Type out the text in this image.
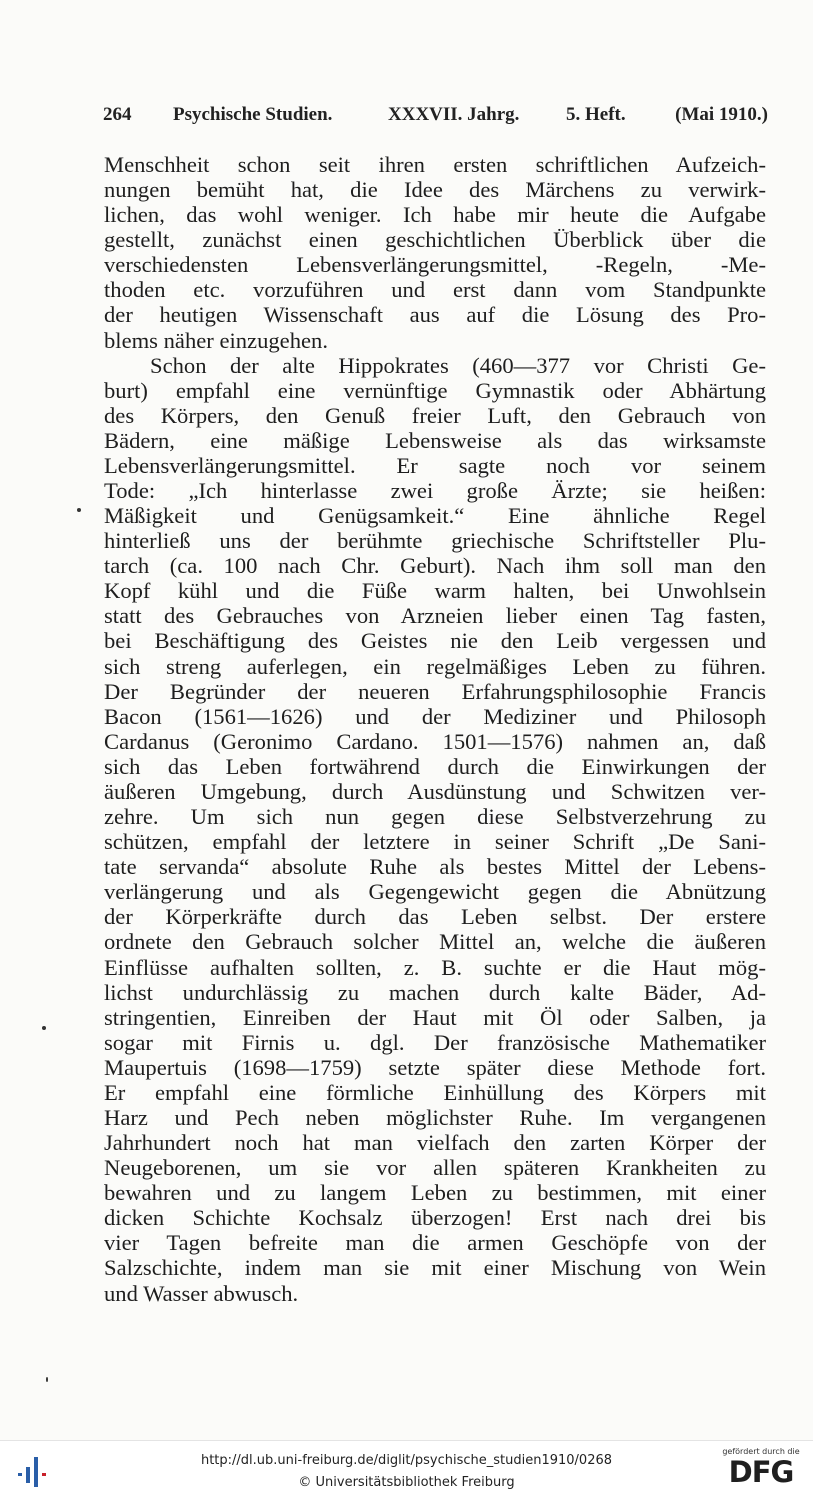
264 Psychische Studien.	XXXVII. Jahrg. 5. Heft.	(Mai 1910.)
Menschheit schon seit ihren ersten schriftlichen Aufzeich-
nungen bemüht hat, die Idee des Märchens zu verwirk-
lichen, das wohl weniger. Ich habe mir heute die Aufgabe
gestellt, zunächst einen geschichtlichen Überblick über die
verschiedensten Lebensverlängerungsmittel, -Regeln, -Me-
thoden etc. vorzuführen und erst dann vom Standpunkte
der heutigen Wissenschaft aus auf die Lösung des Pro-
blems näher einzugehen.
Schon der alte Hippokrates (460—377 vor Christi Ge-
burt) empfahl eine vernünftige Gymnastik oder Abhärtung
des Körpers, den Genuß freier Luft, den Gebrauch von
Bädern, eine mäßige Lebensweise als das wirksamste
Lebensverlängerungsmittel. Er sagte noch vor seinem
Tode: „Ich hinterlasse zwei große Ärzte; sie heißen:
Mäßigkeit und Genügsamkeit.“ Eine ähnliche Regel
hinterließ uns der berühmte griechische Schriftsteller Plu-
tarch (ca. 100 nach Chr. Geburt). Nach ihm soll man den
Kopf kühl und die Füße warm halten, bei Unwohlsein
statt des Gebrauches von Arzneien lieber einen Tag fasten,
bei Beschäftigung des Geistes nie den Leib vergessen und
sich streng auferlegen, ein regelmäßiges Leben zu führen.
Der Begründer der neueren Erfahrungsphilosophie Francis
Bacon (1561—1626) und der Mediziner und Philosoph
Cardanus (Geronimo Cardano. 1501—1576) nahmen an, daß
sich das Leben fortwährend durch die Einwirkungen der
äußeren Umgebung, durch Ausdünstung und Schwitzen ver-
zehre. Um sich nun gegen diese Selbstverzehrung zu
schützen, empfahl der letztere in seiner Schrift „De Sani-
tate servanda“ absolute Ruhe als bestes Mittel der Lebens-
verlängerung und als Gegengewicht gegen die Abnützung
der Körperkräfte durch das Leben selbst. Der erstere
ordnete den Gebrauch solcher Mittel an, welche die äußeren
Einflüsse aufhalten sollten, z. B. suchte er die Haut mög-
lichst undurchlässig zu machen durch kalte Bäder, Ad-
stringentien, Einreiben der Haut mit Öl oder Salben, ja
sogar mit Firnis u. dgl. Der französische Mathematiker
Maupertuis (1698—1759) setzte später diese Methode fort.
Er empfahl eine förmliche Einhüllung des Körpers mit
Harz und Pech neben möglichster Ruhe. Im vergangenen
Jahrhundert noch hat man vielfach den zarten Körper der
Neugeborenen, um sie vor allen späteren Krankheiten zu
bewahren und zu langem Leben zu bestimmen, mit einer
dicken Schichte Kochsalz überzogen! Erst nach drei bis
vier Tagen befreite man die armen Geschöpfe von der
Salzschichte, indem man sie mit einer Mischung von Wein
und Wasser abwusch.
http://dl.ub.uni-freiburg.de/diglit/psychische_studien1910/0268
© Universitätsbibliothek Freiburg
gefördert durch die
DFG
